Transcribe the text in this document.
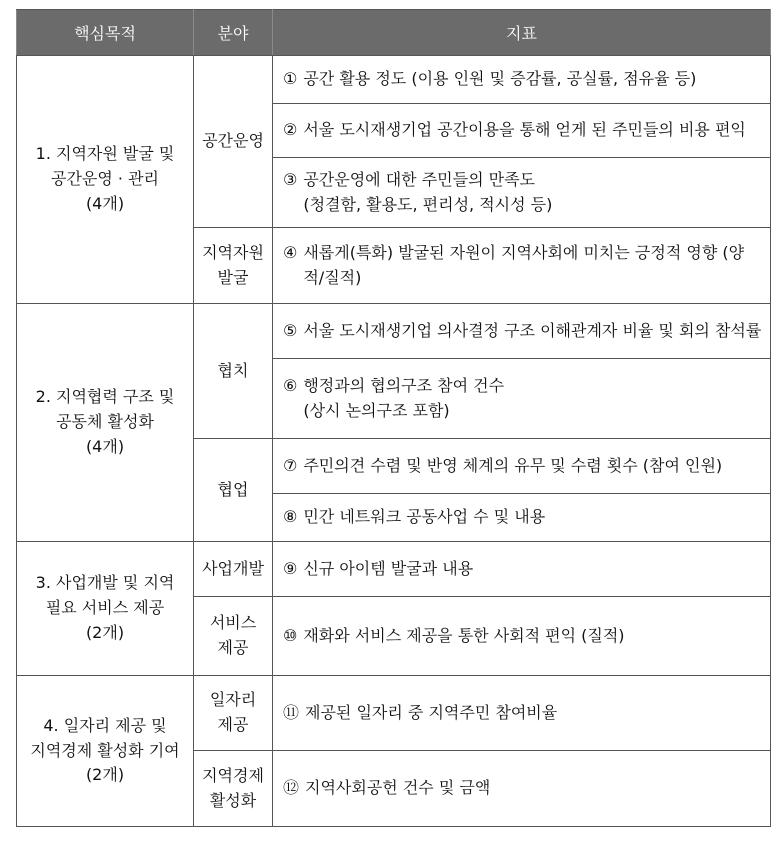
핵심목적	분야	지표

1. 지역자원 발굴 및
공간운영 · 관리
(4개)	공간운영	① 공간 활용 정도 (이용 인원 및 증감률, 공실률, 점유율 등)

		② 서울 도시재생기업 공간이용을 통해 얻게 된 주민들의 비용 편익

		③ 공간운영에 대한 주민들의 만족도
(청결함, 활용도, 편리성, 적시성 등)

	지역자원
발굴	④ 새롭게(특화) 발굴된 자원이 지역사회에 미치는 긍정적 영향 (양적/질적)

2. 지역협력 구조 및
공동체 활성화
(4개)	협치	⑤ 서울 도시재생기업 의사결정 구조 이해관계자 비율 및 회의 참석률

		⑥ 행정과의 협의구조 참여 건수
(상시 논의구조 포함)

	협업	⑦ 주민의견 수렴 및 반영 체계의 유무 및 수렴 횟수 (참여 인원)

		⑧ 민간 네트워크 공동사업 수 및 내용

3. 사업개발 및 지역
필요 서비스 제공
(2개)	사업개발	⑨ 신규 아이템 발굴과 내용

	서비스
제공	⑩ 재화와 서비스 제공을 통한 사회적 편익 (질적)

4. 일자리 제공 및
지역경제 활성화 기여
(2개)	일자리
제공	⑪ 제공된 일자리 중 지역주민 참여비율

	지역경제
활성화	⑫ 지역사회공헌 건수 및 금액
